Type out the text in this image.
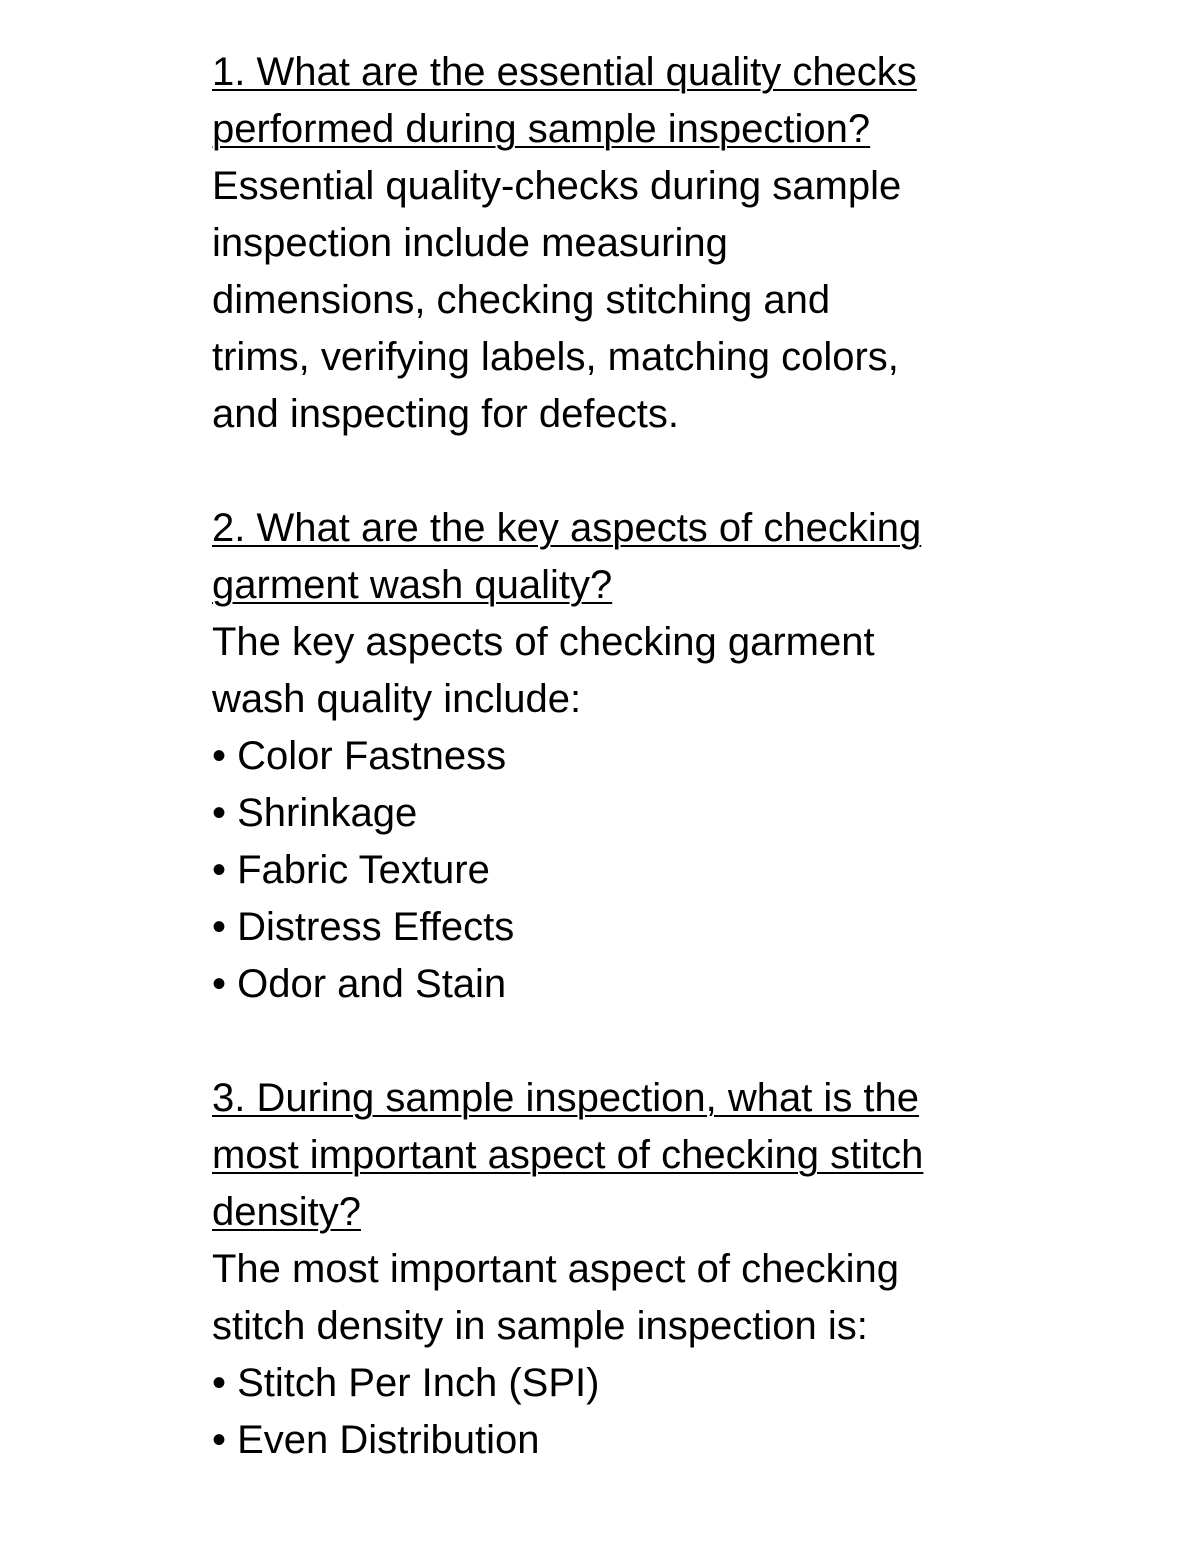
1. What are the essential quality checks
performed during sample inspection?
Essential quality-checks during sample
inspection include measuring
dimensions, checking stitching and
trims, verifying labels, matching colors,
and inspecting for defects.
2. What are the key aspects of checking
garment wash quality?
The key aspects of checking garment
wash quality include:
• Color Fastness
• Shrinkage
• Fabric Texture
• Distress Effects
• Odor and Stain
3. During sample inspection, what is the
most important aspect of checking stitch
density?
The most important aspect of checking
stitch density in sample inspection is:
• Stitch Per Inch (SPI)
• Even Distribution
